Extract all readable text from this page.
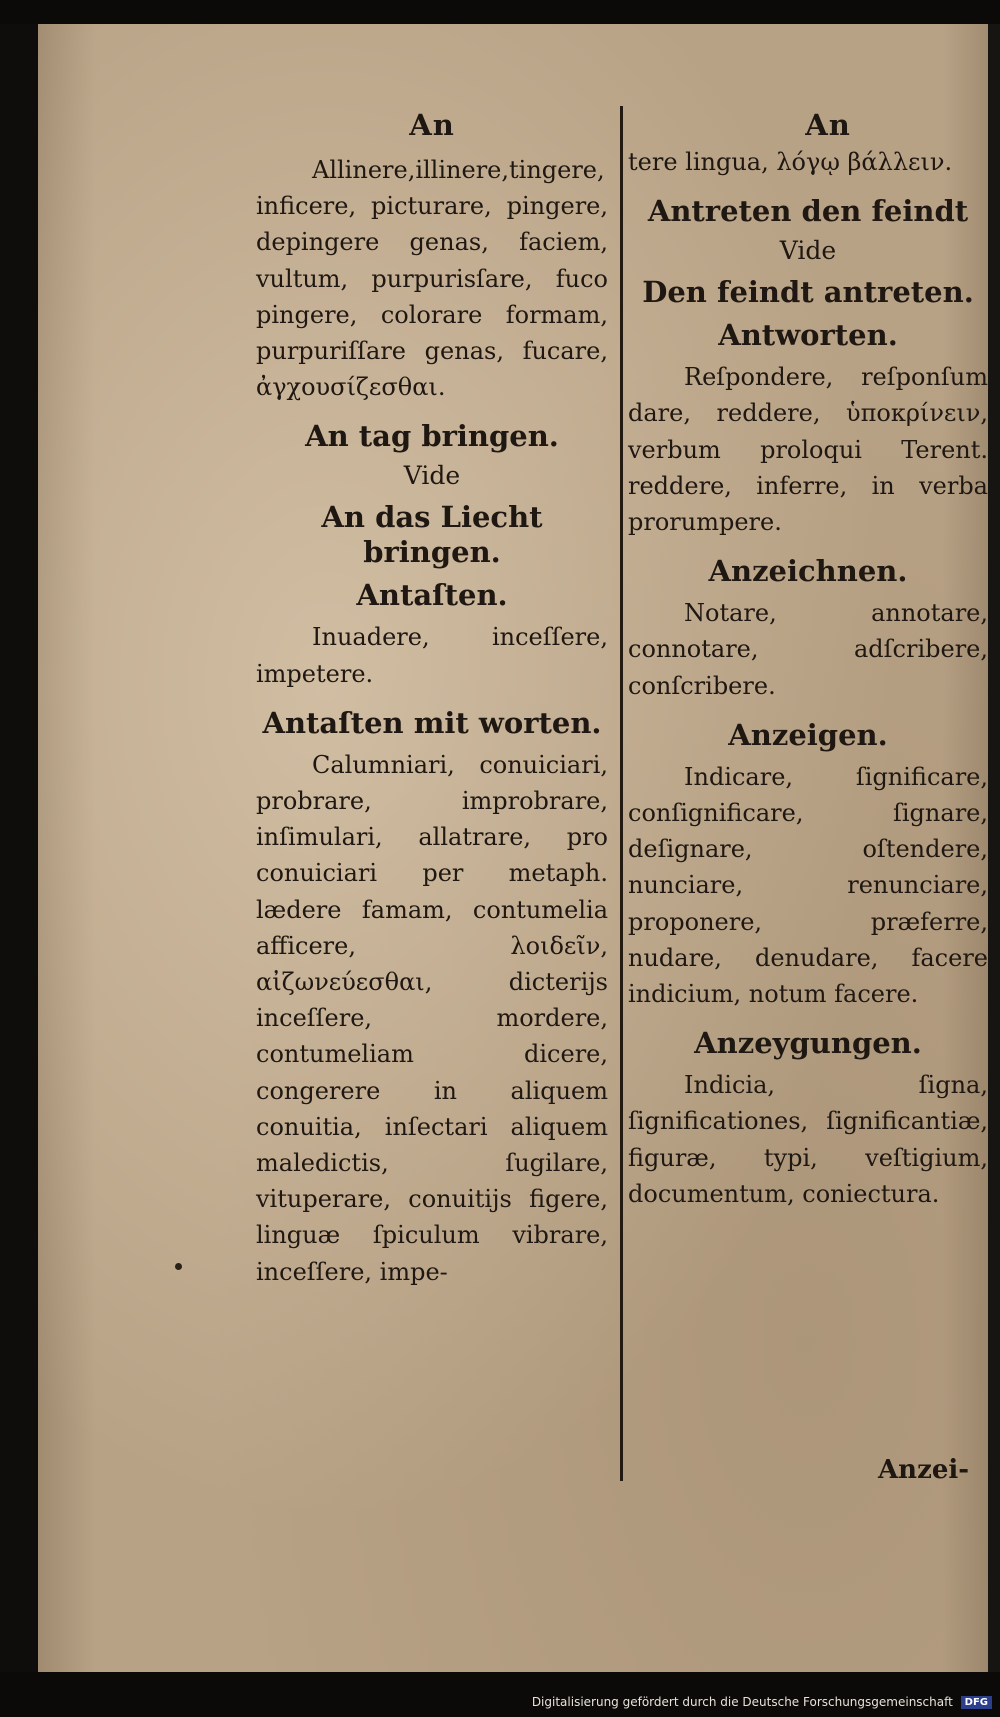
An

Allinere,illinere,tingere, inficere, picturare, pingere, depingere genas, faciem, vultum, purpurisſare, fuco pingere, colorare formam, purpuriſſare genas, fucare, ἀγχουσίζεσθαι.

An tag bringen.
Vide
An das Liecht bringen.
Antaſten.

Inuadere, inceſſere, impetere.

Antaſten mit worten.

Calumniari, conuiciari, probrare, improbrare, inſimulari, allatrare, pro conuiciari per metaph. lædere famam, contumelia afficere, λοιδεῖν, αἰζωνεύεσθαι, dicterijs inceſſere, mordere, contumeliam dicere, congerere in aliquem conuitia, inſectari aliquem maledictis, ſugilare, vituperare, conuitijs figere, linguæ ſpiculum vibrare, inceſſere, impe-

An

tere lingua, λόγῳ βάλλειν.

Antreten den feindt
Vide
Den feindt antreten.
Antworten.

Reſpondere, reſponſum dare, reddere, ὑποκρίνειν, verbum proloqui Terent. reddere, inferre, in verba prorumpere.

Anzeichnen.

Notare, annotare, connotare, adſcribere, conſcribere.

Anzeigen.

Indicare, ſignificare, conſignificare, ſignare, deſignare, oſtendere, nunciare, renunciare, proponere, præferre, nudare, denudare, facere indicium, notum facere.

Anzeygungen.

Indicia, ſigna, ſignificationes, ſignificantiæ, figuræ, typi, veſtigium, documentum, coniectura.

Anzei-
Digitalisierung gefördert durch die Deutsche Forschungsgemeinschaft DFG
